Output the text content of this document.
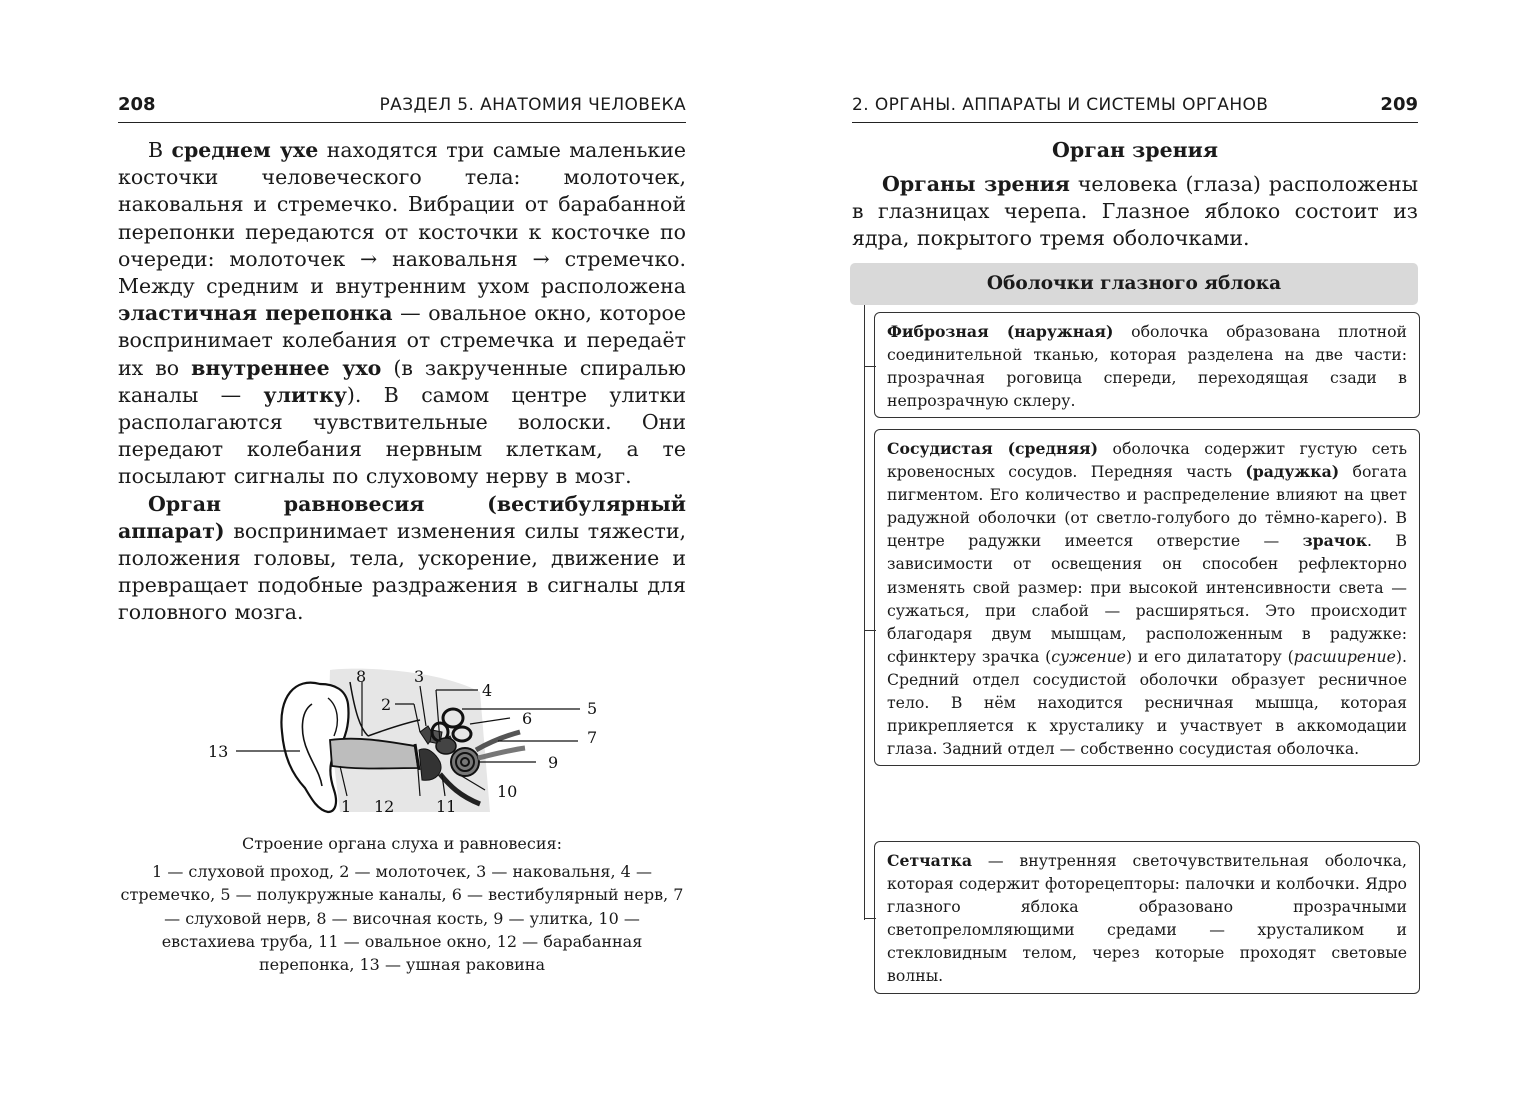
208	РАЗДЕЛ 5. АНАТОМИЯ ЧЕЛОВЕКА

В среднем ухе находятся три самые маленькие косточки человеческого тела: молоточек, наковальня и стремечко. Вибрации от барабанной перепонки передаются от косточки к косточке по очереди: молоточек → наковальня → стремечко. Между средним и внутренним ухом расположена эластичная перепонка — овальное окно, которое воспринимает колебания от стремечка и передаёт их во внутреннее ухо (в закрученные спиралью каналы — улитку). В самом центре улитки располагаются чувствительные волоски. Они передают колебания нервным клеткам, а те посылают сигналы по слуховому нерву в мозг.

Орган равновесия (вестибулярный аппарат) воспринимает изменения силы тяжести, положения головы, тела, ускорение, движение и превращает подобные раздражения в сигналы для головного мозга.

1
2
3
4
5
6
7
8
9
10
11
12
13
Строение органа слуха и равновесия:
1 — слуховой проход, 2 — молоточек, 3 — наковальня, 4 — стремечко, 5 — полукружные каналы, 6 — вестибулярный нерв, 7 — слуховой нерв, 8 — височная кость, 9 — улитка, 10 — евстахиева труба, 11 — овальное окно, 12 — барабанная перепонка, 13 — ушная раковина
2. ОРГАНЫ. АППАРАТЫ И СИСТЕМЫ ОРГАНОВ	209
Орган зрения

Органы зрения человека (глаза) расположены в глазницах черепа. Глазное яблоко состоит из ядра, покрытого тремя оболочками.

Оболочки глазного яблока
Фиброзная (наружная) оболочка образована плотной соединительной тканью, которая разделена на две части: прозрачная роговица спереди, переходящая сзади в непрозрачную склеру.
Сосудистая (средняя) оболочка содержит густую сеть кровеносных сосудов. Передняя часть (радужка) богата пигментом. Его количество и распределение влияют на цвет радужной оболочки (от светло-голубого до тёмно-карего). В центре радужки имеется отверстие — зрачок. В зависимости от освещения он способен рефлекторно изменять свой размер: при высокой интенсивности света — сужаться, при слабой — расширяться. Это происходит благодаря двум мышцам, расположенным в радужке: сфинктеру зрачка (сужение) и его дилататору (расширение). Средний отдел сосудистой оболочки образует ресничное тело. В нём находится ресничная мышца, которая прикрепляется к хрусталику и участвует в аккомодации глаза. Задний отдел — собственно сосудистая оболочка.
Сетчатка — внутренняя светочувствительная оболочка, которая содержит фоторецепторы: палочки и колбочки. Ядро глазного яблока образовано прозрачными светопреломляющими средами — хрусталиком и стекловидным телом, через которые проходят световые волны.
